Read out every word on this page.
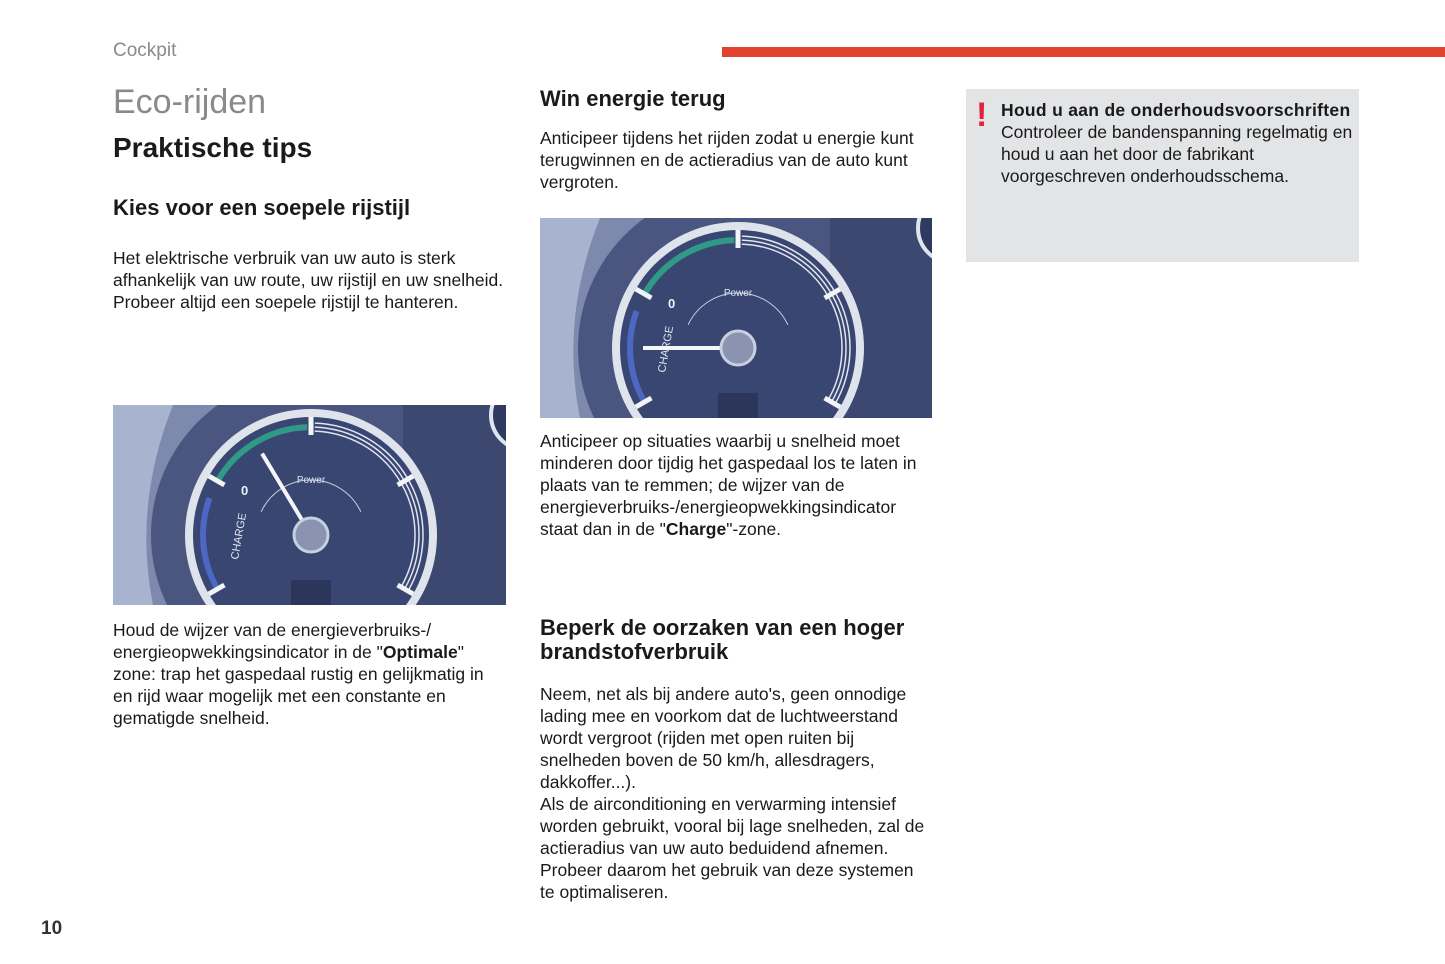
Cockpit
Eco-rijden
Praktische tips
Kies voor een soepele rijstijl

Het elektrische verbruik van uw auto is sterk afhankelijk van uw route, uw rijstijl en uw snelheid.

Probeer altijd een soepele rijstijl te hanteren.

Power
0
CHARGE

Houd de wijzer van de energieverbruiks-/ energieopwekkingsindicator in de "Optimale" zone: trap het gaspedaal rustig en gelijkmatig in en rijd waar mogelijk met een constante en gematigde snelheid.

Win energie terug

Anticipeer tijdens het rijden zodat u energie kunt terugwinnen en de actieradius van de auto kunt vergroten.

Power
0

Anticipeer op situaties waarbij u snelheid moet minderen door tijdig het gaspedaal los te laten in plaats van te remmen; de wijzer van de energieverbruiks-/energieopwekkingsindicator staat dan in de "Charge"-zone.

Beperk de oorzaken van een hoger brandstofverbruik

Neem, net als bij andere auto's, geen onnodige lading mee en voorkom dat de luchtweerstand wordt vergroot (rijden met open ruiten bij snelheden boven de 50 km/h, allesdragers, dakkoffer...).

Als de airconditioning en verwarming intensief worden gebruikt, vooral bij lage snelheden, zal de actieradius van uw auto beduidend afnemen. Probeer daarom het gebruik van deze systemen te optimaliseren.

! Houd u aan de onderhoudsvoorschriften

Controleer de bandenspanning regelmatig en houd u aan het door de fabrikant voorgeschreven onderhoudsschema.

10
